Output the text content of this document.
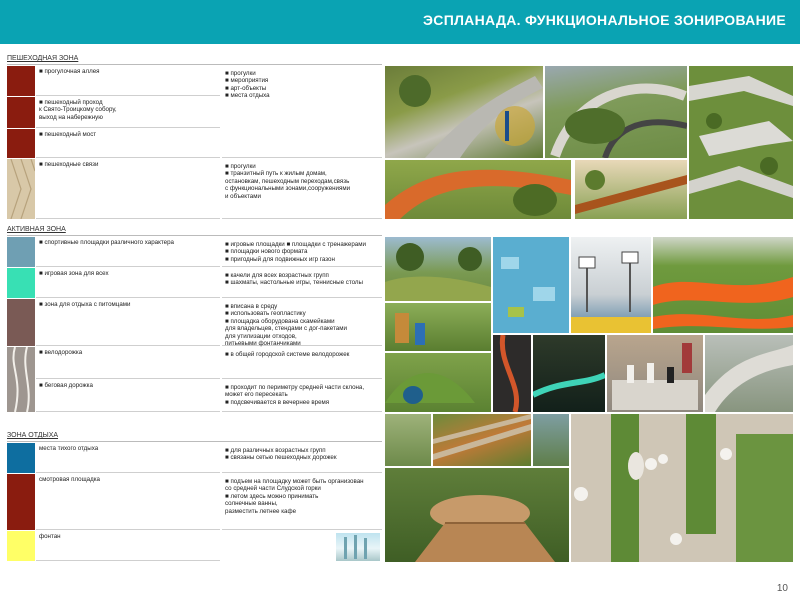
ЭСПЛАНАДА. ФУНКЦИОНАЛЬНОЕ ЗОНИРОВАНИЕ
ПЕШЕХОДНАЯ ЗОНА
■ прогулочная аллея
■ пешеходный проход
к Свято-Троицкому собору,
выход на набережную
■ пешеходный мост
■ пешеходные связи
■ прогулки
■ мероприятия
■ арт-объекты
■ места отдыха
■ прогулки
■ транзитный путь к жилым домам,
остановкам, пешеходным переходам,связь
с функциональными зонами,сооружениями
и объектами
АКТИВНАЯ ЗОНА
■ спортивные площадки различного характера
■ игровая зона для всех
■ зона для отдыха с питомцами
■ велодорожка
■ беговая дорожка
■ игровые площадки ■ площадки с тренажерами
■ площадки нового формата
■ пригодный для подвижных игр газон
■ качели для всех возрастных групп
■ шахматы, настольные игры, теннисные столы
■ вписана в среду
■ использовать геопластику
■ площадка оборудована скамейками
для владельцев, стендами с дог-пакетами
для утилизации отходов,
питьевыми фонтанчиками
■ в общей городской системе велодорожек
■ проходит по периметру средней части склона,
может его пересекать
■ подсвечивается в вечернее время
ЗОНА ОТДЫХА
места тихого отдыха
смотровая площадка
фонтан
■ для различных возрастных групп
■ связаны сетью пешеходных дорожек
■ подъем на площадку может быть организован
со средней части Слудской горки
■ летом здесь можно принимать
солнечные ванны,
разместить летнее кафе
10
